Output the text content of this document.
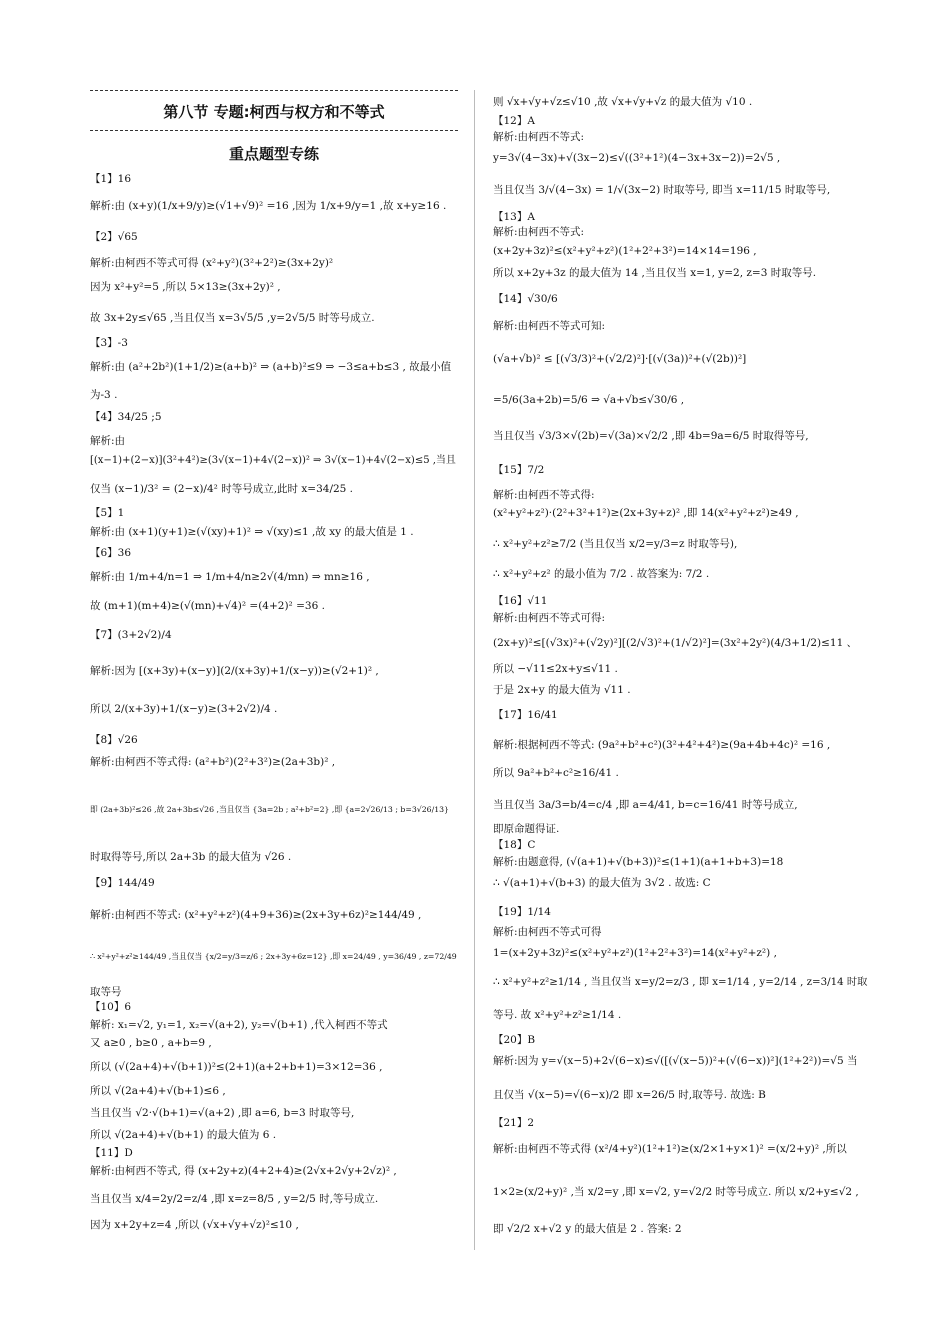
第八节 专题:柯西与权方和不等式
重点题型专练
【1】16
解析:由 (x+y)(1/x+9/y)≥(√1+√9)² =16 ,因为 1/x+9/y=1 ,故 x+y≥16 .
【2】√65
解析:由柯西不等式可得 (x²+y²)(3²+2²)≥(3x+2y)²
因为 x²+y²=5 ,所以 5×13≥(3x+2y)² ,
故 3x+2y≤√65 ,当且仅当 x=3√5/5 ,y=2√5/5 时等号成立.
【3】-3
解析:由 (a²+2b²)(1+1/2)≥(a+b)² ⇒ (a+b)²≤9 ⇒ −3≤a+b≤3 , 故最小值
为-3 .
【4】34/25 ;5
解析:由
[(x−1)+(2−x)](3²+4²)≥(3√(x−1)+4√(2−x))² ⇒ 3√(x−1)+4√(2−x)≤5 ,当且
仅当 (x−1)/3² = (2−x)/4² 时等号成立,此时 x=34/25 .
【5】1
解析:由 (x+1)(y+1)≥(√(xy)+1)² ⇒ √(xy)≤1 ,故 xy 的最大值是 1 .
【6】36
解析:由 1/m+4/n=1 ⇒ 1/m+4/n≥2√(4/mn) ⇒ mn≥16 ,
故 (m+1)(m+4)≥(√(mn)+√4)² =(4+2)² =36 .
【7】(3+2√2)/4
解析:因为 [(x+3y)+(x−y)](2/(x+3y)+1/(x−y))≥(√2+1)² ,
所以 2/(x+3y)+1/(x−y)≥(3+2√2)/4 .
【8】√26
解析:由柯西不等式得: (a²+b²)(2²+3²)≥(2a+3b)² ,
即 (2a+3b)²≤26 ,故 2a+3b≤√26 ,当且仅当 {3a=2b ; a²+b²=2} ,即 {a=2√26/13 ; b=3√26/13}
时取得等号,所以 2a+3b 的最大值为 √26 .
【9】144/49
解析:由柯西不等式: (x²+y²+z²)(4+9+36)≥(2x+3y+6z)²≥144/49 ,
∴ x²+y²+z²≥144/49 ,当且仅当 {x/2=y/3=z/6 ; 2x+3y+6z=12} ,即 x=24/49 , y=36/49 , z=72/49
取等号
【10】6
解析: x₁=√2, y₁=1, x₂=√(a+2), y₂=√(b+1) ,代入柯西不等式
又 a≥0 , b≥0 , a+b=9 ,
所以 (√(2a+4)+√(b+1))²≤(2+1)(a+2+b+1)=3×12=36 ,
所以 √(2a+4)+√(b+1)≤6 ,
当且仅当 √2·√(b+1)=√(a+2) ,即 a=6, b=3 时取等号,
所以 √(2a+4)+√(b+1) 的最大值为 6 .
【11】D
解析:由柯西不等式, 得 (x+2y+z)(4+2+4)≥(2√x+2√y+2√z)² ,
当且仅当 x/4=2y/2=z/4 ,即 x=z=8/5 , y=2/5 时,等号成立.
因为 x+2y+z=4 ,所以 (√x+√y+√z)²≤10 ,
则 √x+√y+√z≤√10 ,故 √x+√y+√z 的最大值为 √10 .
【12】A
解析:由柯西不等式:
y=3√(4−3x)+√(3x−2)≤√((3²+1²)(4−3x+3x−2))=2√5 ,
当且仅当 3/√(4−3x) = 1/√(3x−2) 时取等号, 即当 x=11/15 时取等号,
【13】A
解析:由柯西不等式:
(x+2y+3z)²≤(x²+y²+z²)(1²+2²+3²)=14×14=196 ,
所以 x+2y+3z 的最大值为 14 ,当且仅当 x=1, y=2, z=3 时取等号.
【14】√30/6
解析:由柯西不等式可知:
(√a+√b)² ≤ [(√3/3)²+(√2/2)²]·[(√(3a))²+(√(2b))²]
=5/6(3a+2b)=5/6 ⇒ √a+√b≤√30/6 ,
当且仅当 √3/3×√(2b)=√(3a)×√2/2 ,即 4b=9a=6/5 时取得等号,
【15】7/2
解析:由柯西不等式得:
(x²+y²+z²)·(2²+3²+1²)≥(2x+3y+z)² ,即 14(x²+y²+z²)≥49 ,
∴ x²+y²+z²≥7/2 (当且仅当 x/2=y/3=z 时取等号),
∴ x²+y²+z² 的最小值为 7/2 . 故答案为: 7/2 .
【16】√11
解析:由柯西不等式可得:
(2x+y)²≤[(√3x)²+(√2y)²][(2/√3)²+(1/√2)²]=(3x²+2y²)(4/3+1/2)≤11 、
所以 −√11≤2x+y≤√11 .
于是 2x+y 的最大值为 √11 .
【17】16/41
解析:根据柯西不等式: (9a²+b²+c²)(3²+4²+4²)≥(9a+4b+4c)² =16 ,
所以 9a²+b²+c²≥16/41 .
当且仅当 3a/3=b/4=c/4 ,即 a=4/41, b=c=16/41 时等号成立,
即原命题得证.
【18】C
解析:由题意得, (√(a+1)+√(b+3))²≤(1+1)(a+1+b+3)=18
∴ √(a+1)+√(b+3) 的最大值为 3√2 . 故选: C
【19】1/14
解析:由柯西不等式可得
1=(x+2y+3z)²≤(x²+y²+z²)(1²+2²+3²)=14(x²+y²+z²) ,
∴ x²+y²+z²≥1/14 , 当且仅当 x=y/2=z/3 , 即 x=1/14 , y=2/14 , z=3/14 时取
等号. 故 x²+y²+z²≥1/14 .
【20】B
解析:因为 y=√(x−5)+2√(6−x)≤√([(√(x−5))²+(√(6−x))²](1²+2²))=√5 当
且仅当 √(x−5)=√(6−x)/2 即 x=26/5 时,取等号. 故选: B
【21】2
解析:由柯西不等式得 (x²/4+y²)(1²+1²)≥(x/2×1+y×1)² =(x/2+y)² ,所以
1×2≥(x/2+y)² ,当 x/2=y ,即 x=√2, y=√2/2 时等号成立. 所以 x/2+y≤√2 ,
即 √2/2 x+√2 y 的最大值是 2 . 答案: 2
